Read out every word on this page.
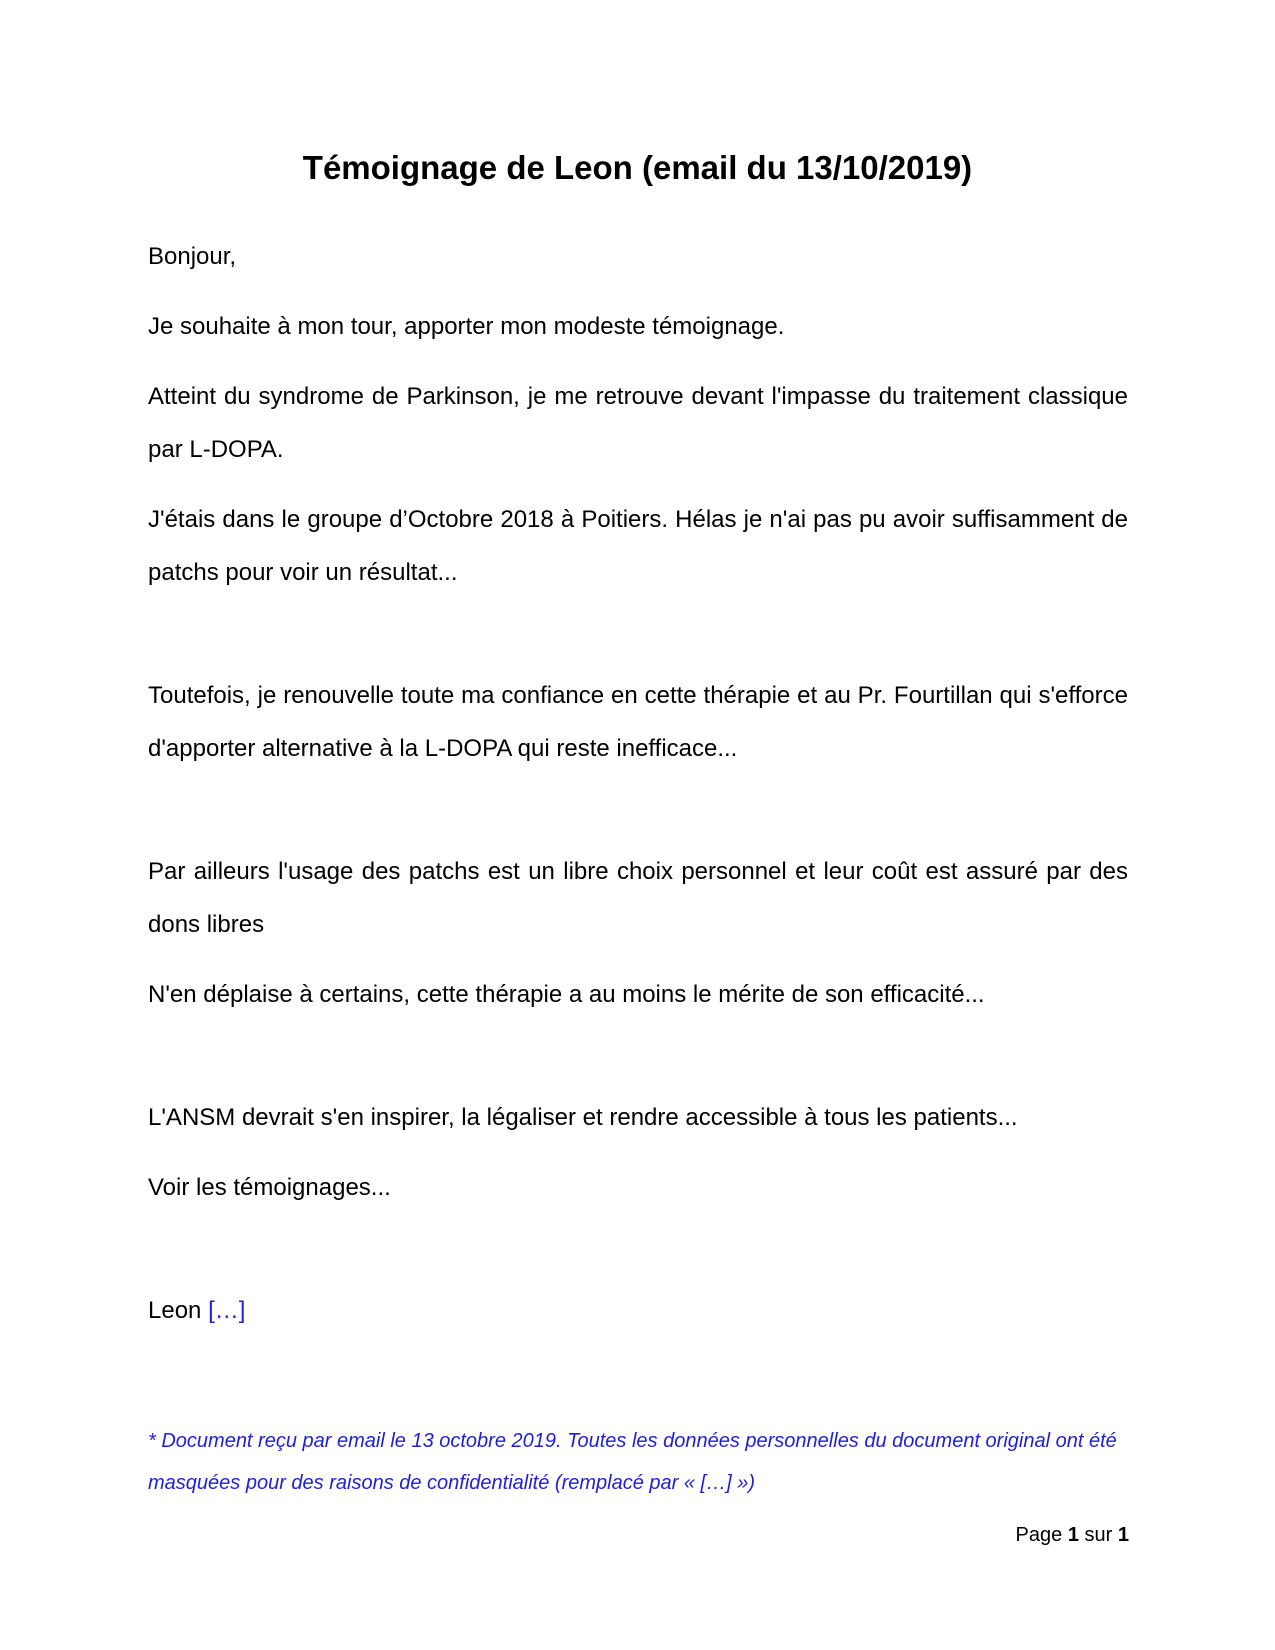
Témoignage de Leon (email du 13/10/2019)

Bonjour,

Je souhaite à mon tour, apporter mon modeste témoignage.

Atteint du syndrome de Parkinson, je me retrouve devant l'impasse du traitement classique par L-DOPA.

J'étais dans le groupe d’Octobre 2018 à Poitiers. Hélas je n'ai pas pu avoir suffisamment de patchs pour voir un résultat...

Toutefois, je renouvelle toute ma confiance en cette thérapie et au Pr. Fourtillan qui s'efforce d'apporter alternative à la L-DOPA qui reste inefficace...

Par ailleurs l'usage des patchs est un libre choix personnel et leur coût est assuré par des dons libres

N'en déplaise à certains, cette thérapie a au moins le mérite de son efficacité...

L'ANSM devrait s'en inspirer, la légaliser et rendre accessible à tous les patients...

Voir les témoignages...

Leon […]

* Document reçu par email le 13 octobre 2019. Toutes les données personnelles du document original ont été masquées pour des raisons de confidentialité (remplacé par « […] »)

Page 1 sur 1
